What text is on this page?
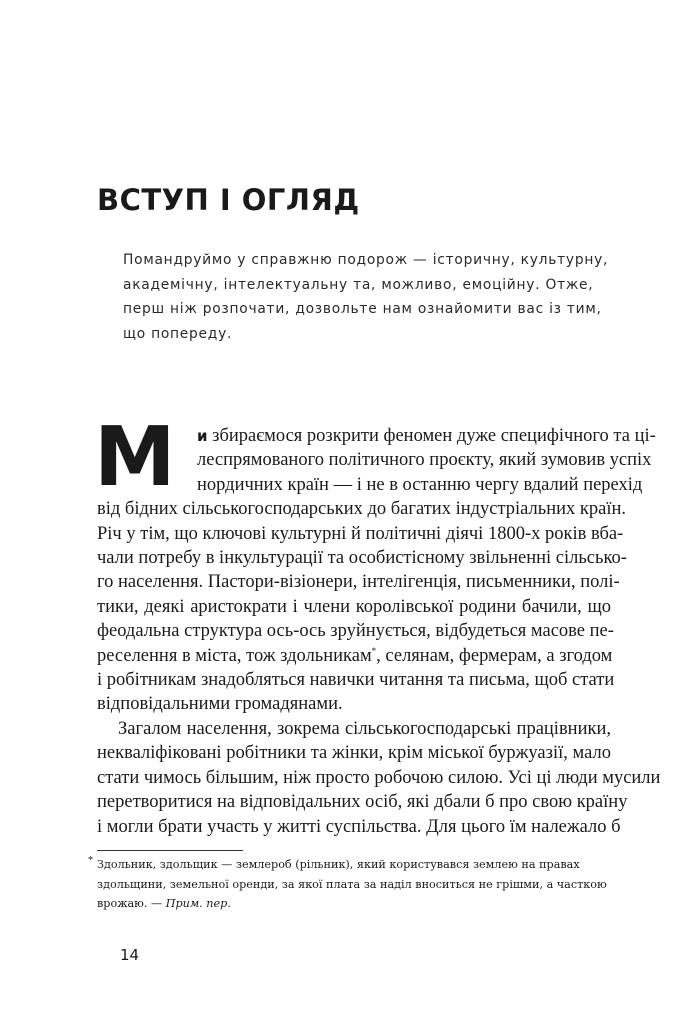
ВСТУП І ОГЛЯД
Помандруймо у справжню подорож — історичну, культурну,
академічну, інтелектуальну та, можливо, емоційну. Отже,
перш ніж розпочати, дозвольте нам ознайомити вас із тим,
що попереду.
М	и збираємося розкрити феномен дуже специфічного та ці-
леспрямованого політичного проєкту, який зумовив успіх
нордичних країн — і не в останню чергу вдалий перехід
від бідних сільськогосподарських до багатих індустріальних країн.
Річ у тім, що ключові культурні й політичні діячі 1800-х років вба-
чали потребу в інкультурації та особистісному звільненні сільсько-
го населення. Пастори-візіонери, інтелігенція, письменники, полі-
тики, деякі аристократи і члени королівської родини бачили, що
феодальна структура ось-ось зруйнується, відбудеться масове пе-
реселення в міста, тож здольникам*, селянам, фермерам, а згодом
і робітникам знадобляться навички читання та письма, щоб стати
відповідальними громадянами.
Загалом населення, зокрема сільськогосподарські працівники,
некваліфіковані робітники та жінки, крім міської буржуазії, мало
стати чимось більшим, ніж просто робочою силою. Усі ці люди мусили
перетворитися на відповідальних осіб, які дбали б про свою країну
і могли брати участь у житті суспільства. Для цього їм належало б
* Здольник, здольщик — землероб (рільник), який користувався землею на правах
здольщини, земельної оренди, за якої плата за наділ вноситься не грішми, а часткою
врожаю. — Прим. пер.
14
